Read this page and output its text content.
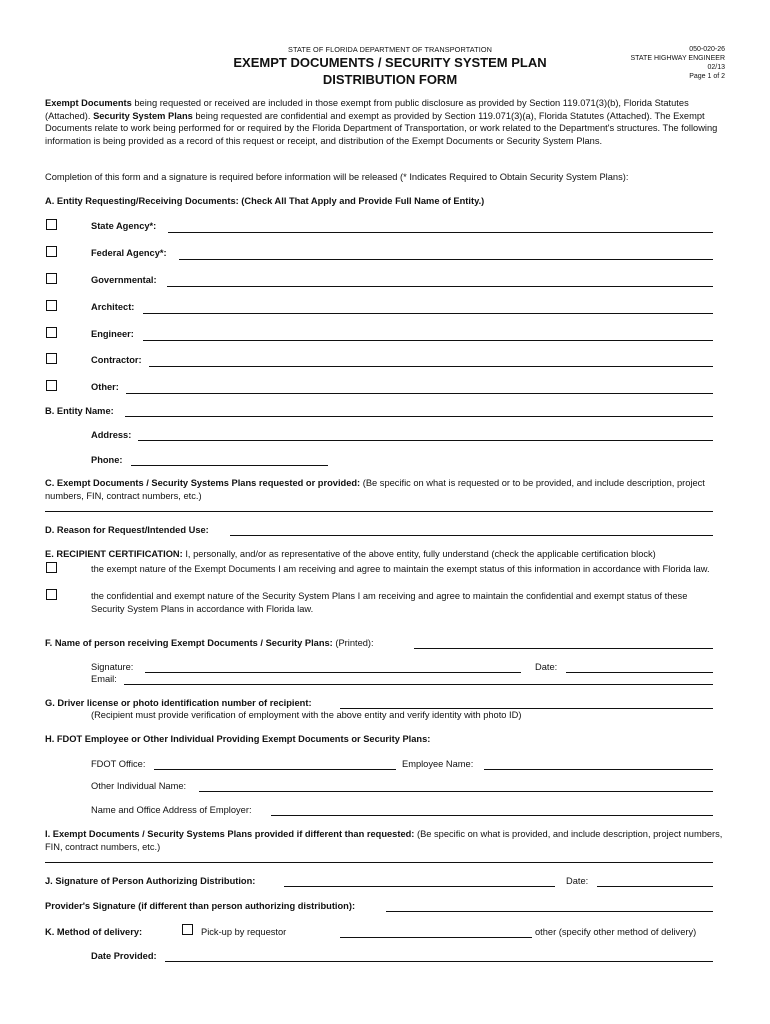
STATE OF FLORIDA DEPARTMENT OF TRANSPORTATION
EXEMPT DOCUMENTS / SECURITY SYSTEM PLAN
DISTRIBUTION FORM
050-020-26
STATE HIGHWAY ENGINEER
02/13
Page 1 of 2
Exempt Documents being requested or received are included in those exempt from public disclosure as provided by Section 119.071(3)(b), Florida Statutes (Attached). Security System Plans being requested are confidential and exempt as provided by Section 119.071(3)(a), Florida Statutes (Attached). The Exempt Documents relate to work being performed for or required by the Florida Department of Transportation, or work related to the Department's structures. The following information is being provided as a record of this request or receipt, and distribution of the Exempt Documents or Security System Plans.
Completion of this form and a signature is required before information will be released (* Indicates Required to Obtain Security System Plans):
A. Entity Requesting/Receiving Documents: (Check All That Apply and Provide Full Name of Entity.)
State Agency*:
Federal Agency*:
Governmental:
Architect:
Engineer:
Contractor:
Other:
B. Entity Name:
Address:
Phone:
C. Exempt Documents / Security Systems Plans requested or provided: (Be specific on what is requested or to be provided, and include description, project numbers, FIN, contract numbers, etc.)
D. Reason for Request/Intended Use:
E. RECIPIENT CERTIFICATION: I, personally, and/or as representative of the above entity, fully understand (check the applicable certification block)
the exempt nature of the Exempt Documents I am receiving and agree to maintain the exempt status of this information in accordance with Florida law.
the confidential and exempt nature of the Security System Plans I am receiving and agree to maintain the confidential and exempt status of these Security System Plans in accordance with Florida law.
F. Name of person receiving Exempt Documents / Security Plans: (Printed):
Signature:	Date:
Email:
G. Driver license or photo identification number of recipient:
(Recipient must provide verification of employment with the above entity and verify identity with photo ID)
H. FDOT Employee or Other Individual Providing Exempt Documents or Security Plans:
FDOT Office:	Employee Name:
Other Individual Name:
Name and Office Address of Employer:
I. Exempt Documents / Security Systems Plans provided if different than requested: (Be specific on what is provided, and include description, project numbers, FIN, contract numbers, etc.)
J. Signature of Person Authorizing Distribution:	Date:
Provider's Signature (if different than person authorizing distribution):
K. Method of delivery:	Pick-up by requestor	other (specify other method of delivery)
Date Provided:
